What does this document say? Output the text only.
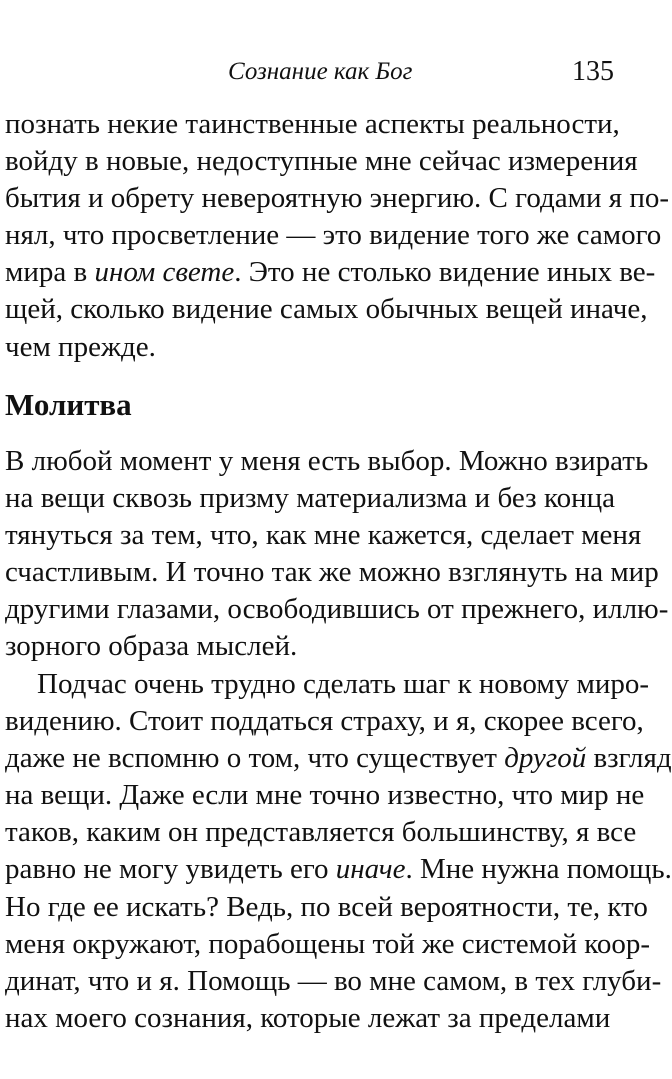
Сознание как Бог	135
познать некие таинственные аспекты реальности,
войду в новые, недоступные мне сейчас измерения
бытия и обрету невероятную энергию. С годами я по-
нял, что просветление — это видение того же самого
мира в ином свете. Это не столько видение иных ве-
щей, сколько видение самых обычных вещей иначе,
чем прежде.
Молитва
В любой момент у меня есть выбор. Можно взирать
на вещи сквозь призму материализма и без конца
тянуться за тем, что, как мне кажется, сделает меня
счастливым. И точно так же можно взглянуть на мир
другими глазами, освободившись от прежнего, иллю-
зорного образа мыслей.
Подчас очень трудно сделать шаг к новому миро-
видению. Стоит поддаться страху, и я, скорее всего,
даже не вспомню о том, что существует другой взгляд
на вещи. Даже если мне точно известно, что мир не
таков, каким он представляется большинству, я все
равно не могу увидеть его иначе. Мне нужна помощь.
Но где ее искать? Ведь, по всей вероятности, те, кто
меня окружают, порабощены той же системой коор-
динат, что и я. Помощь — во мне самом, в тех глуби-
нах моего сознания, которые лежат за пределами
